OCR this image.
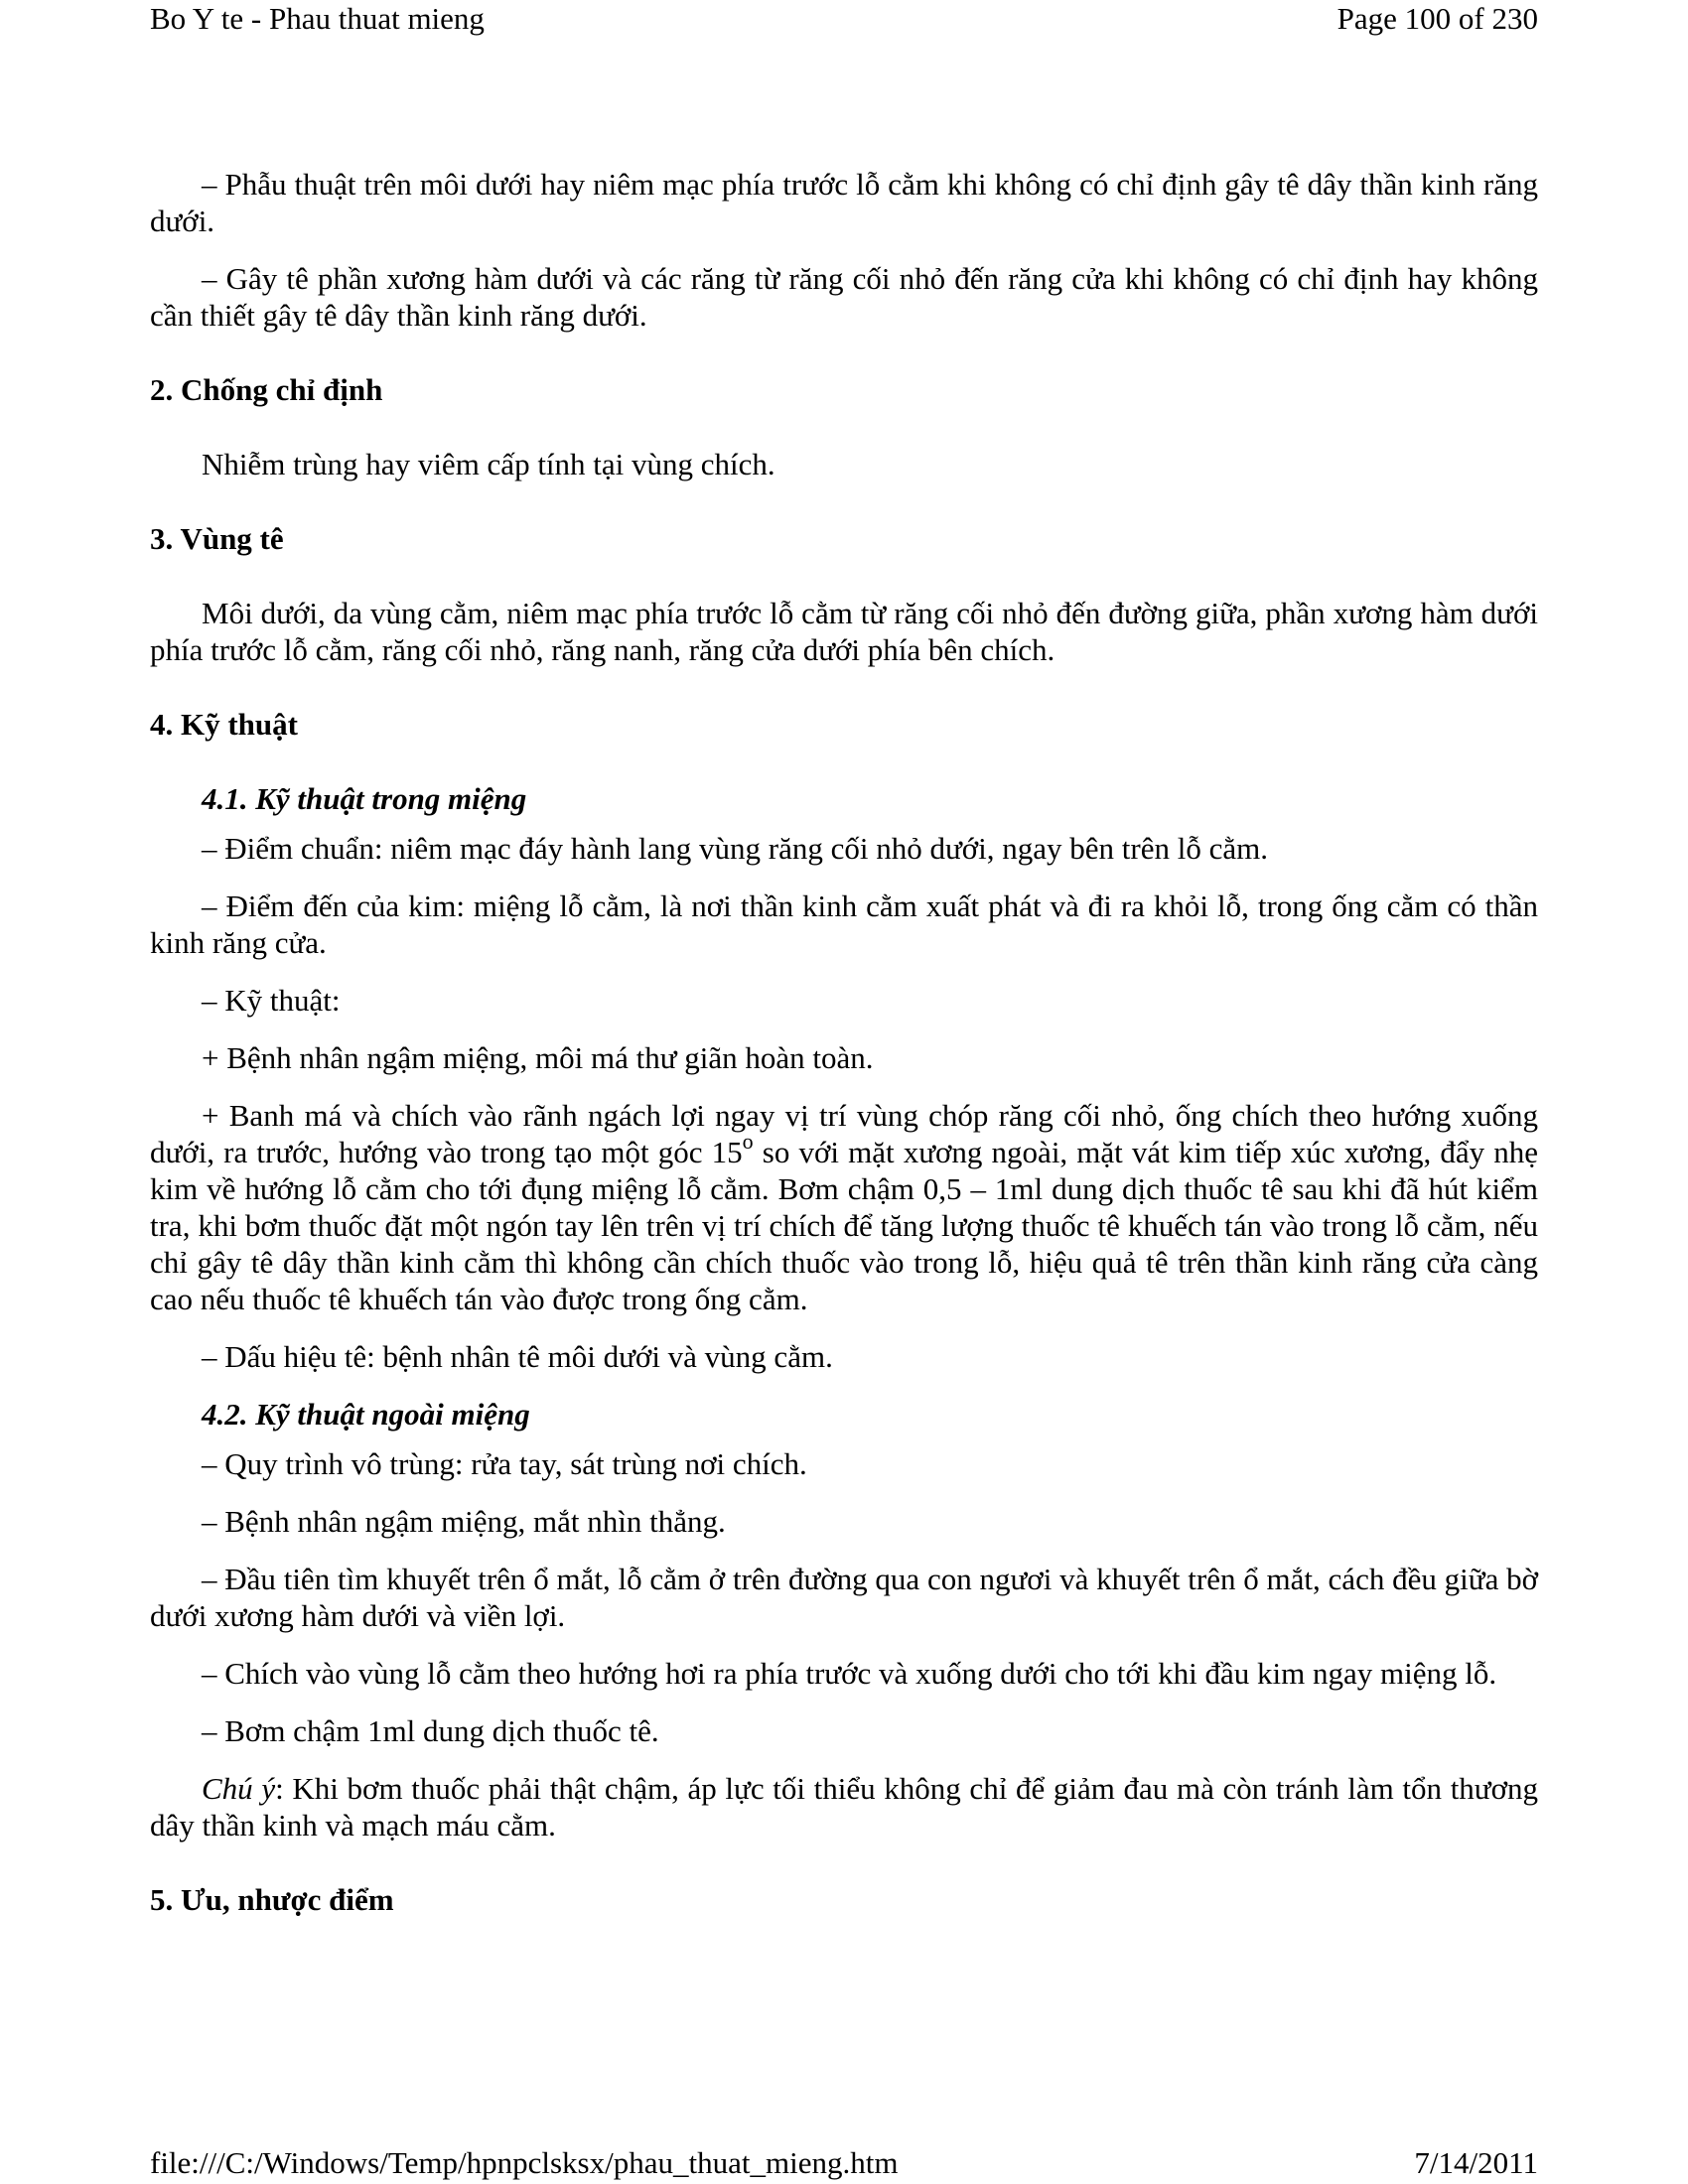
Bo Y te - Phau thuat mieng	Page 100 of 230

– Phẫu thuật trên môi dưới hay niêm mạc phía trước lỗ cằm khi không có chỉ định gây tê dây thần kinh răng dưới.

– Gây tê phần xương hàm dưới và các răng từ răng cối nhỏ đến răng cửa khi không có chỉ định hay không cần thiết gây tê dây thần kinh răng dưới.

2. Chống chỉ định

Nhiễm trùng hay viêm cấp tính tại vùng chích.

3. Vùng tê

Môi dưới, da vùng cằm, niêm mạc phía trước lỗ cằm từ răng cối nhỏ đến đường giữa, phần xương hàm dưới phía trước lỗ cằm, răng cối nhỏ, răng nanh, răng cửa dưới phía bên chích.

4. Kỹ thuật
4.1. Kỹ thuật trong miệng

– Điểm chuẩn: niêm mạc đáy hành lang vùng răng cối nhỏ dưới, ngay bên trên lỗ cằm.

– Điểm đến của kim: miệng lỗ cằm, là nơi thần kinh cằm xuất phát và đi ra khỏi lỗ, trong ống cằm có thần kinh răng cửa.

– Kỹ thuật:

+ Bệnh nhân ngậm miệng, môi má thư giãn hoàn toàn.

+ Banh má và chích vào rãnh ngách lợi ngay vị trí vùng chóp răng cối nhỏ, ống chích theo hướng xuống dưới, ra trước, hướng vào trong tạo một góc 15$^o$ so với mặt xương ngoài, mặt vát kim tiếp xúc xương, đẩy nhẹ kim về hướng lỗ cằm cho tới đụng miệng lỗ cằm. Bơm chậm 0,5 – 1ml dung dịch thuốc tê sau khi đã hút kiểm tra, khi bơm thuốc đặt một ngón tay lên trên vị trí chích để tăng lượng thuốc tê khuếch tán vào trong lỗ cằm, nếu chỉ gây tê dây thần kinh cằm thì không cần chích thuốc vào trong lỗ, hiệu quả tê trên thần kinh răng cửa càng cao nếu thuốc tê khuếch tán vào được trong ống cằm.

– Dấu hiệu tê: bệnh nhân tê môi dưới và vùng cằm.

4.2. Kỹ thuật ngoài miệng

– Quy trình vô trùng: rửa tay, sát trùng nơi chích.

– Bệnh nhân ngậm miệng, mắt nhìn thẳng.

– Đầu tiên tìm khuyết trên ổ mắt, lỗ cằm ở trên đường qua con ngươi và khuyết trên ổ mắt, cách đều giữa bờ dưới xương hàm dưới và viền lợi.

– Chích vào vùng lỗ cằm theo hướng hơi ra phía trước và xuống dưới cho tới khi đầu kim ngay miệng lỗ.

– Bơm chậm 1ml dung dịch thuốc tê.

Chú ý: Khi bơm thuốc phải thật chậm, áp lực tối thiểu không chỉ để giảm đau mà còn tránh làm tổn thương dây thần kinh và mạch máu cằm.

5. Ưu, nhược điểm
file:///C:/Windows/Temp/hpnpclsksx/phau_thuat_mieng.htm	7/14/2011
